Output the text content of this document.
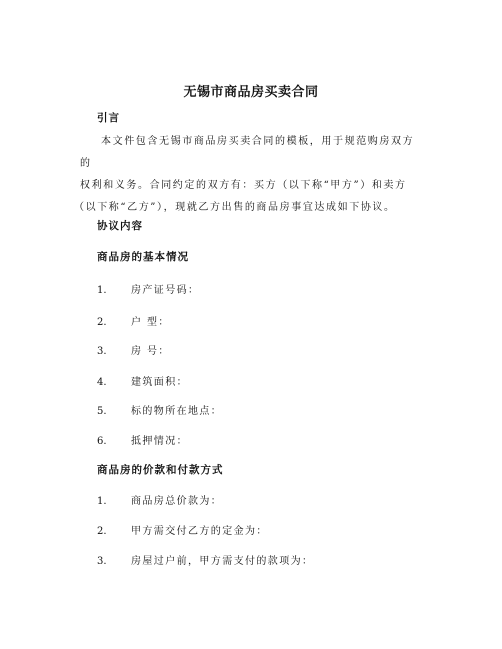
无锡市商品房买卖合同
引言
本文件包含无锡市商品房买卖合同的模板，用于规范购房双方的
权利和义务。合同约定的双方有：买方（以下称“甲方”）和卖方
（以下称“乙方”），现就乙方出售的商品房事宜达成如下协议。
协议内容
商品房的基本情况
1. 房产证号码：
2. 户 型：
3. 房 号：
4. 建筑面积：
5. 标的物所在地点：
6. 抵押情况：
商品房的价款和付款方式
1. 商品房总价款为：
2. 甲方需交付乙方的定金为：
3. 房屋过户前，甲方需支付的款项为：
